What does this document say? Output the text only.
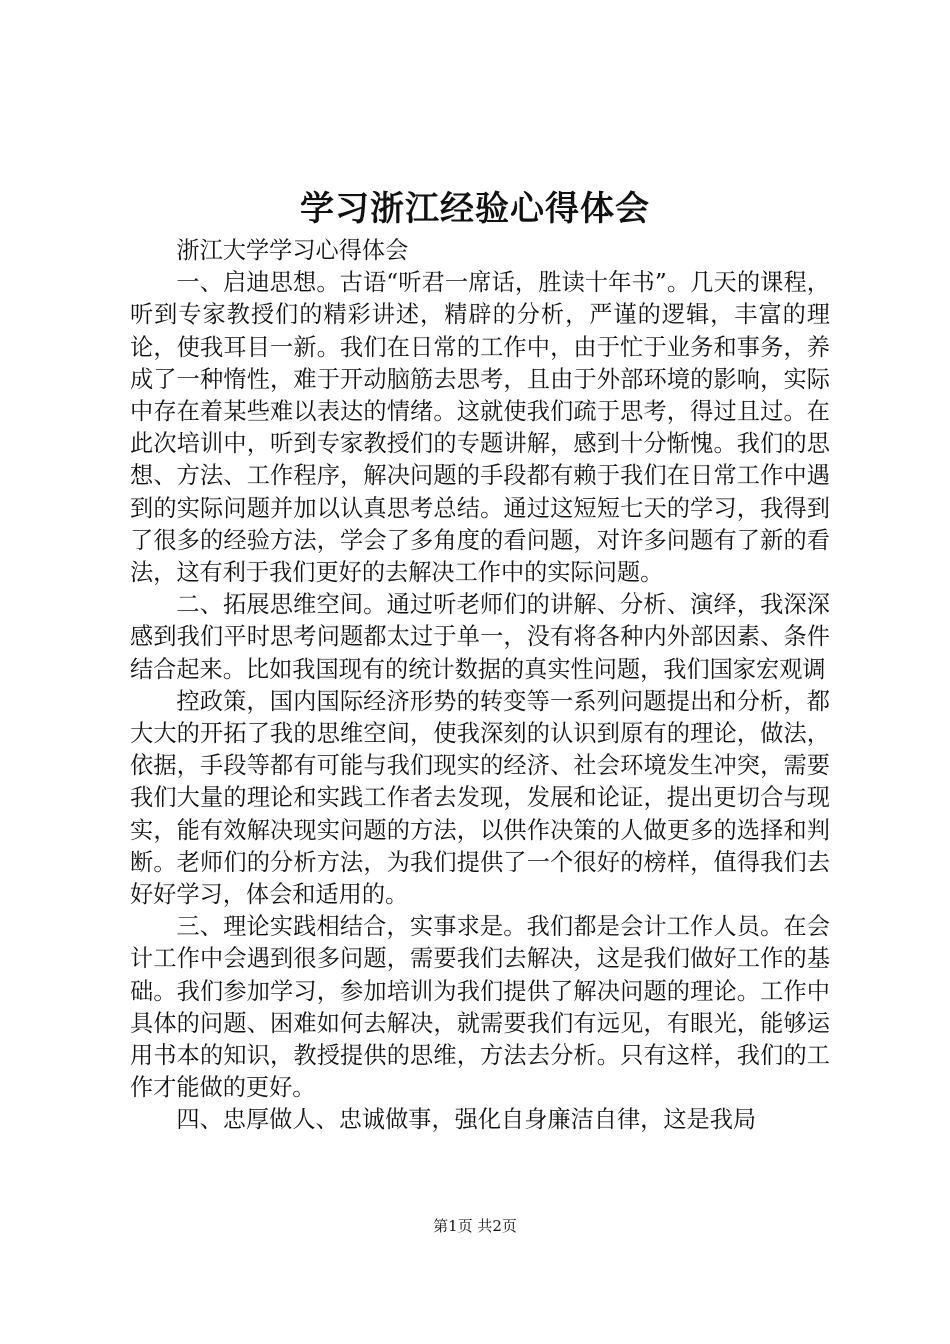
学习浙江经验心得体会

浙江大学学习心得体会

一、启迪思想。古语“听君一席话，胜读十年书”。几天的课程，听到专家教授们的精彩讲述，精辟的分析，严谨的逻辑，丰富的理论，使我耳目一新。我们在日常的工作中，由于忙于业务和事务，养成了一种惰性，难于开动脑筋去思考，且由于外部环境的影响，实际中存在着某些难以表达的情绪。这就使我们疏于思考，得过且过。在此次培训中，听到专家教授们的专题讲解，感到十分惭愧。我们的思想、方法、工作程序，解决问题的手段都有赖于我们在日常工作中遇到的实际问题并加以认真思考总结。通过这短短七天的学习，我得到了很多的经验方法，学会了多角度的看问题，对许多问题有了新的看法，这有利于我们更好的去解决工作中的实际问题。

二、拓展思维空间。通过听老师们的讲解、分析、演绎，我深深感到我们平时思考问题都太过于单一，没有将各种内外部因素、条件结合起来。比如我国现有的统计数据的真实性问题，我们国家宏观调

控政策，国内国际经济形势的转变等一系列问题提出和分析，都大大的开拓了我的思维空间，使我深刻的认识到原有的理论，做法，依据，手段等都有可能与我们现实的经济、社会环境发生冲突，需要我们大量的理论和实践工作者去发现，发展和论证，提出更切合与现实，能有效解决现实问题的方法，以供作决策的人做更多的选择和判断。老师们的分析方法，为我们提供了一个很好的榜样，值得我们去好好学习，体会和适用的。

三、理论实践相结合，实事求是。我们都是会计工作人员。在会计工作中会遇到很多问题，需要我们去解决，这是我们做好工作的基础。我们参加学习，参加培训为我们提供了解决问题的理论。工作中具体的问题、困难如何去解决，就需要我们有远见，有眼光，能够运用书本的知识，教授提供的思维，方法去分析。只有这样，我们的工作才能做的更好。

四、忠厚做人、忠诚做事，强化自身廉洁自律，这是我局

第1页 共2页
